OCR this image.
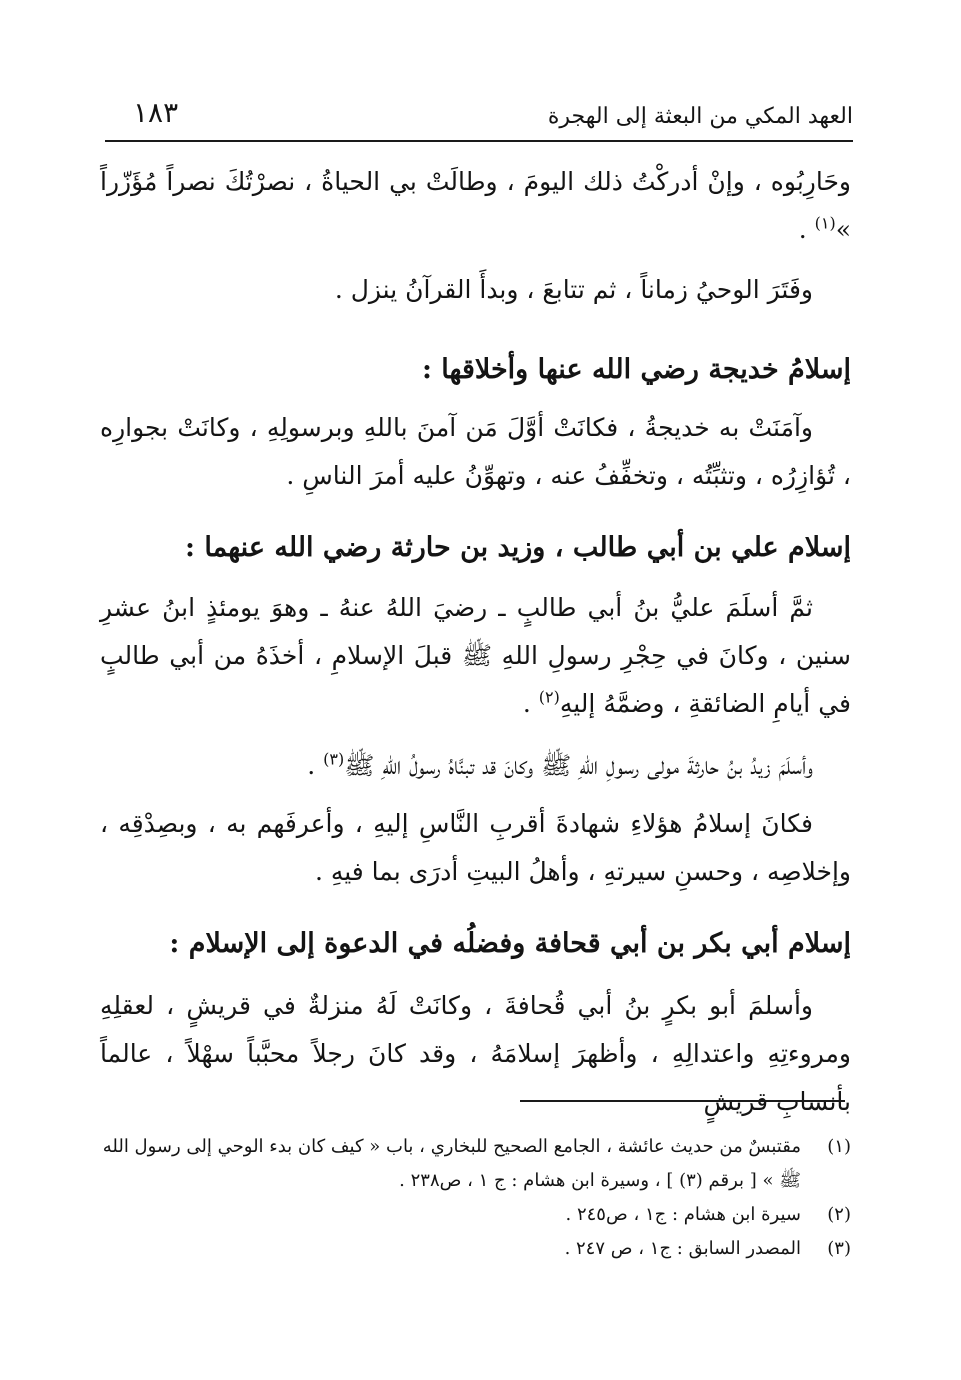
العهد المكي من البعثة إلى الهجرة
١٨٣

وحَارِبُوه ، وإنْ أدركْتُ ذلك اليومَ ، وطالَتْ بي الحياةُ ، نصرْتُكَ نصراً مُؤَزّراً »$^{(١)}$ .

وفَتَرَ الوحيُ زماناً ، ثم تتابعَ ، وبدأَ القرآنُ ينزل .

إسلامُ خديجة رضي الله عنها وأخلاقها :

وآمَنَتْ به خديجةُ ، فكانَتْ أوَّلَ مَن آمنَ باللهِ وبرسولِهِ ، وكانَتْ بجوارِه ، تُؤازِرُه ، وتثبِّتُه ، وتخفِّفُ عنه ، وتهوِّنُ عليه أمرَ الناسِ .

إسلام علي بن أبي طالب ، وزيد بن حارثة رضي الله عنهما :

ثمَّ أسلَمَ عليُّ بنُ أبي طالبٍ ـ رضيَ اللهُ عنهُ ـ وهوَ يومئذٍ ابنُ عشرِ سنين ، وكانَ في حِجْرِ رسولِ اللهِ ﷺ قبلَ الإسلامِ ، أخذَهُ من أبي طالبٍ في أيامِ الضائقةِ ، وضمَّهُ إليهِ$^{(٢)}$ .

وأسلَمَ زيدُ بنُ حارثةَ مولى رسولِ اللهِ ﷺ وكانَ قد تبنَّاهُ رسولُ اللهِ ﷺ$^{(٣)}$ .

فكانَ إسلامُ هؤلاءِ شهادةَ أقربِ النَّاسِ إليهِ ، وأعرفَهم به ، وبصِدْقِه ، وإخلاصِه ، وحسنِ سيرتهِ ، وأهلُ البيتِ أدرَى بما فيهِ .

إسلام أبي بكر بن أبي قحافة وفضلُه في الدعوة إلى الإسلام :

وأسلمَ أبو بكرٍ بنُ أبي قُحافةَ ، وكانَتْ لَهُ منزلةٌ في قريشٍ ، لعقلِهِ ومروءتِهِ واعتدالِهِ ، وأظهرَ إسلامَهُ ، وقد كانَ رجلاً محبَّباً سهْلاً ، عالماً بأنسابِ قريشٍ

(١)
مقتبسٌ من حديث عائشة ، الجامع الصحيح للبخاري ، باب « كيف كان بدء الوحي إلى رسول الله ﷺ » [ برقم (٣) ] ، وسيرة ابن هشام : ج ١ ، ص٢٣٨ .

(٢)
سيرة ابن هشام : ج١ ، ص٢٤٥ .

(٣)
المصدر السابق : ج١ ، ص ٢٤٧ .
